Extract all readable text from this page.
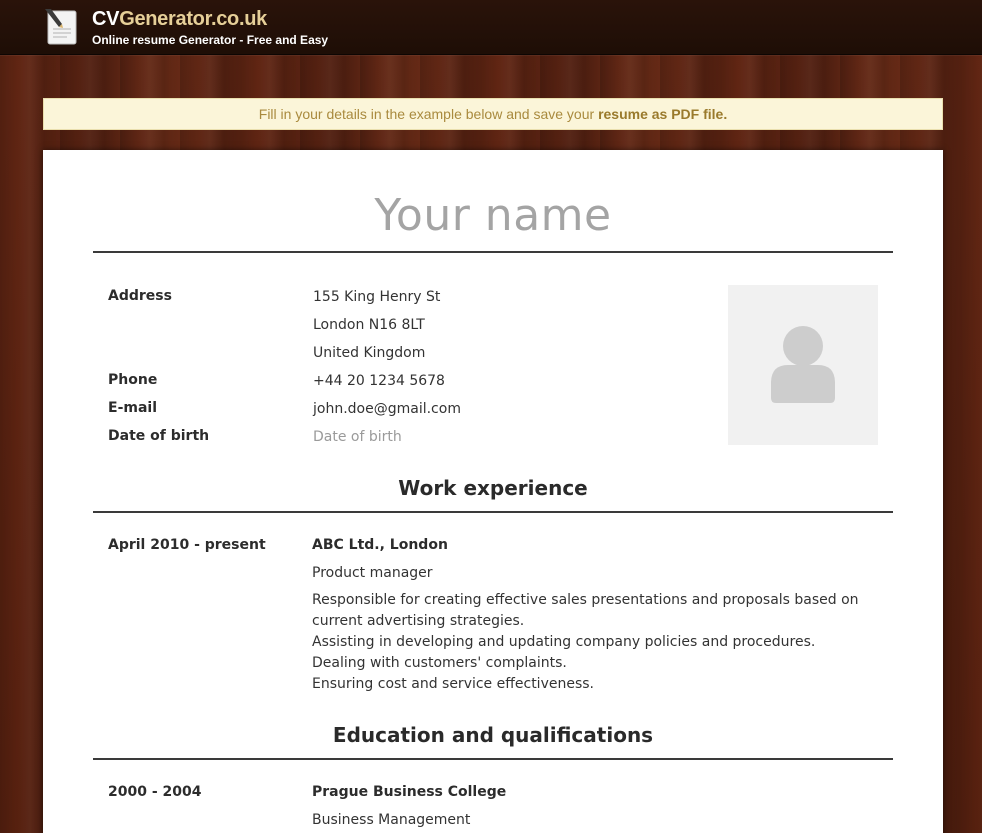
CVGenerator.co.uk
Online resume Generator - Free and Easy
Fill in your details in the example below and save your resume as PDF file.
Your name
Address	155 King Henry St
London N16 8LT
United Kingdom
Phone	+44 20 1234 5678
E-mail	john.doe@gmail.com
Date of birth	Date of birth
Work experience
April 2010 - present	ABC Ltd., London
Product manager
Responsible for creating effective sales presentations and proposals based on
current advertising strategies.
Assisting in developing and updating company policies and procedures.
Dealing with customers' complaints.
Ensuring cost and service effectiveness.
Education and qualifications
2000 - 2004	Prague Business College
Business Management
